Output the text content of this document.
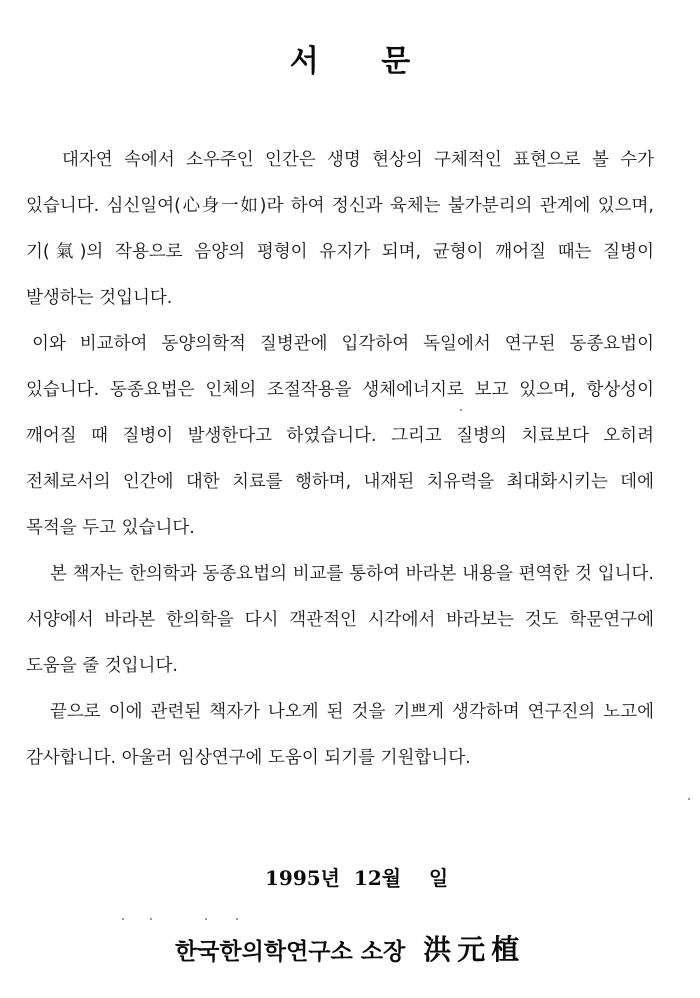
서 문

대자연 속에서 소우주인 인간은 생명 현상의 구체적인 표현으로 볼 수가 있습니다. 심신일여(心身一如)라 하여 정신과 육체는 불가분리의 관계에 있으며, 기(氣)의 작용으로 음양의 평형이 유지가 되며, 균형이 깨어질 때는 질병이 발생하는 것입니다.

이와 비교하여 동양의학적 질병관에 입각하여 독일에서 연구된 동종요법이 있습니다. 동종요법은 인체의 조절작용을 생체에너지로 보고 있으며, 항상성이 깨어질 때 질병이 발생한다고 하였습니다. 그리고 질병의 치료보다 오히려 전체로서의 인간에 대한 치료를 행하며, 내재된 치유력을 최대화시키는 데에 목적을 두고 있습니다.

본 책자는 한의학과 동종요법의 비교를 통하여 바라본 내용을 편역한 것 입니다. 서양에서 바라본 한의학을 다시 객관적인 시각에서 바라보는 것도 학문연구에 도움을 줄 것입니다.

끝으로 이에 관련된 책자가 나오게 된 것을 기쁘게 생각하며 연구진의 노고에 감사합니다. 아울러 임상연구에 도움이 되기를 기원합니다.

1995년  12월    일
한국한의학연구소 소장 洪元植
